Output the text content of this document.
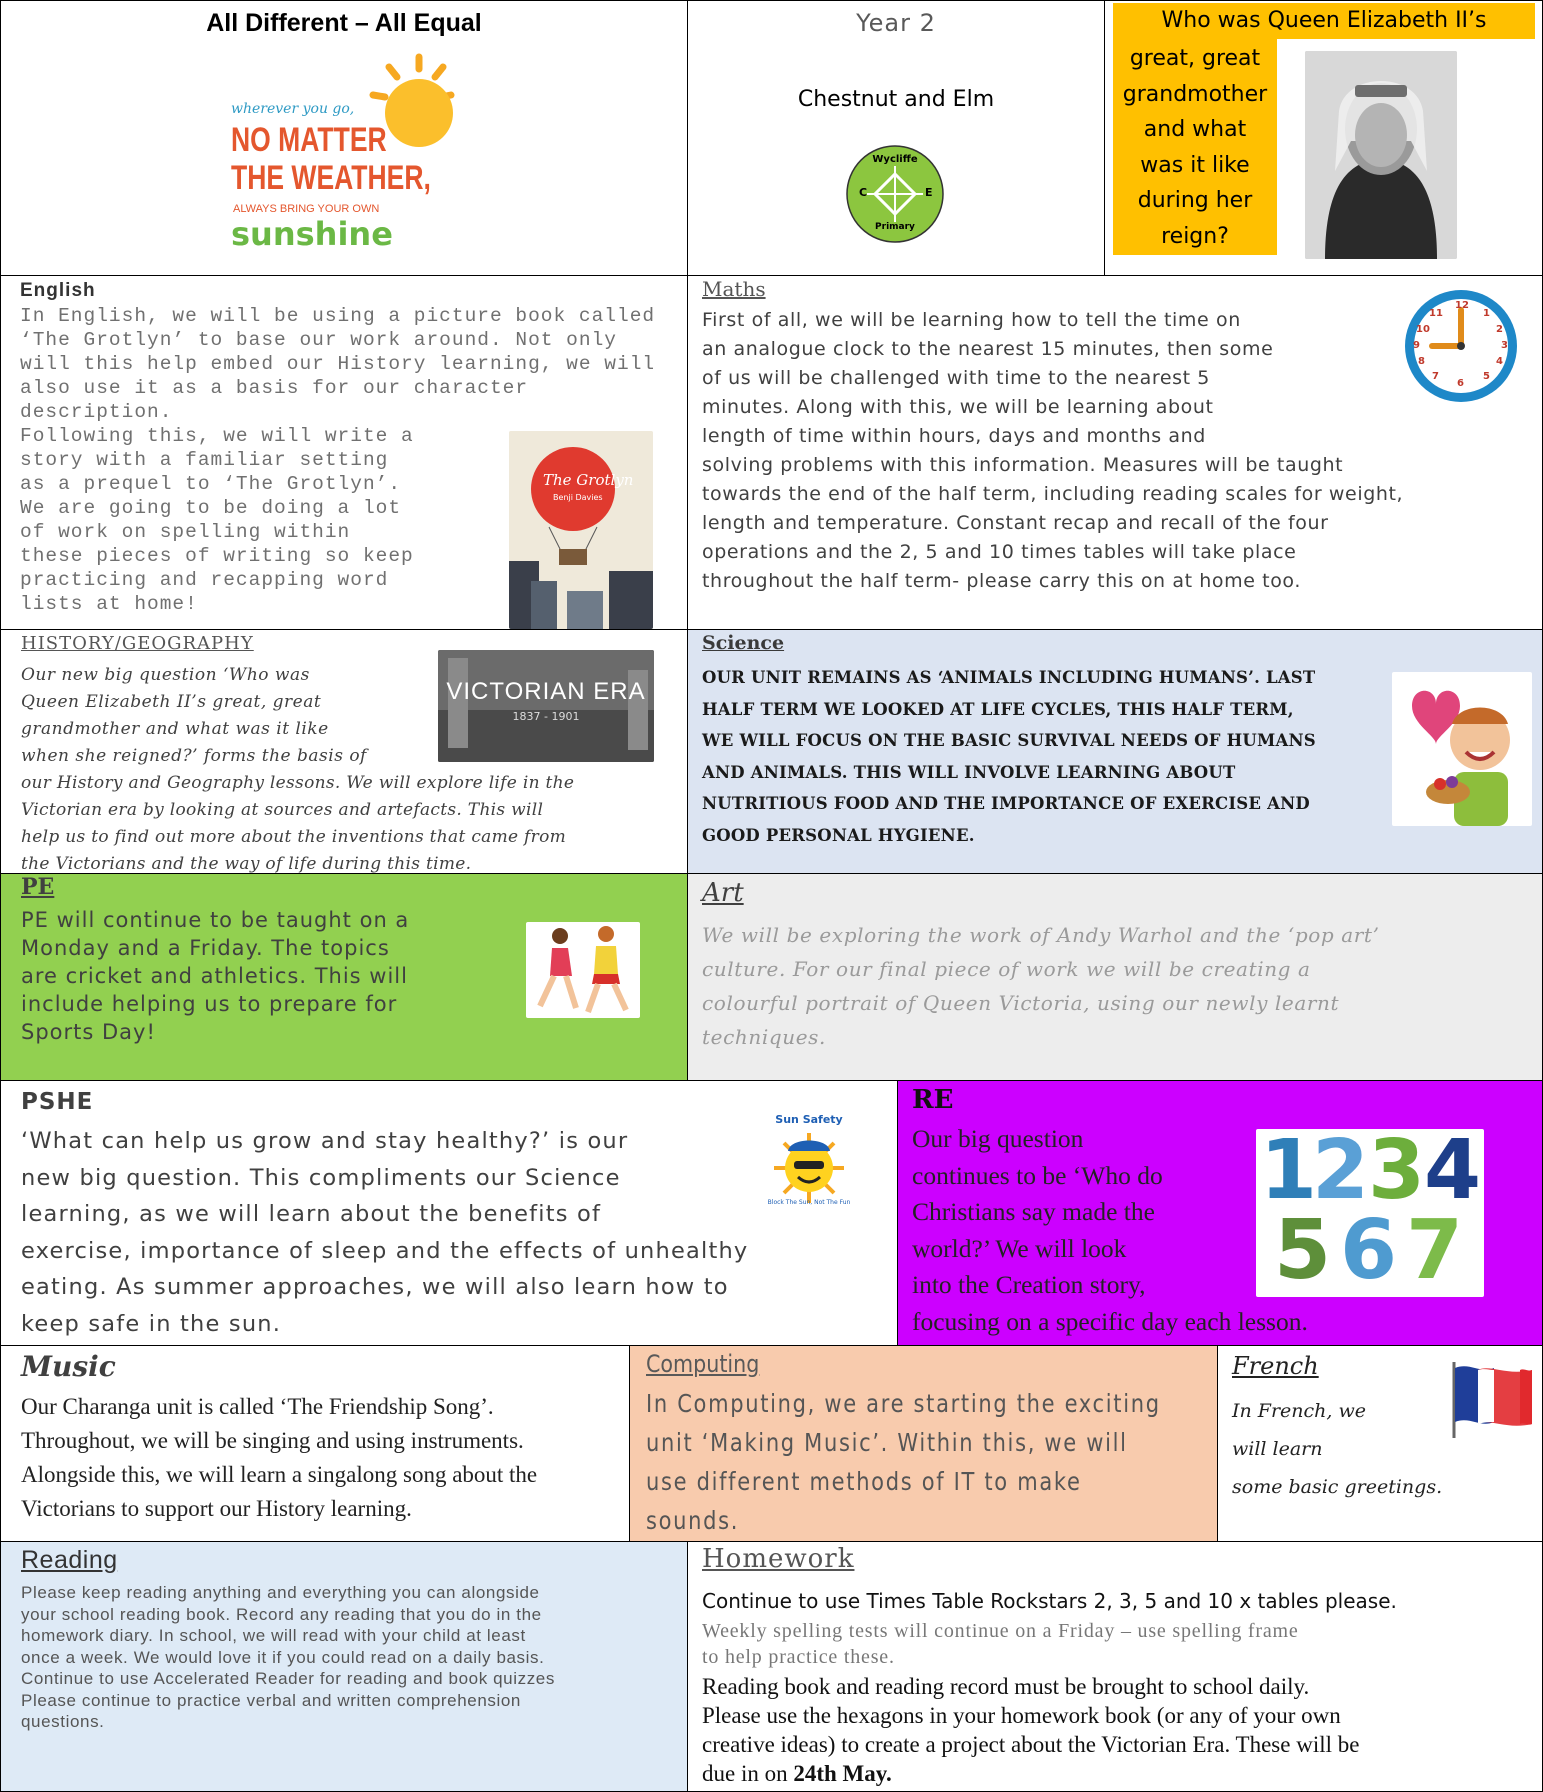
All Different – All Equal
wherever you go,
NO MATTER
THE WEATHER,
ALWAYS BRING YOUR OWN
sunshine
Year 2
Chestnut and Elm
Wycliffe
C	E
Primary
Who was Queen Elizabeth II’s
great, great
grandmother
and what
was it like
during her
reign?
English
In English, we will be using a picture book called ‘The Grotlyn’ to base our work around. Not only will this help embed our History learning, we will also use it as a basis for our character description.
Following this, we will write a
story with a familiar setting
as a prequel to ‘The Grotlyn’.
We are going to be doing a lot
of work on spelling within
these pieces of writing so keep
practicing and recapping word
lists at home!
The Grotlyn
Benji Davies
Maths
First of all, we will be learning how to tell the time on
an analogue clock to the nearest 15 minutes, then some
of us will be challenged with time to the nearest 5
minutes. Along with this, we will be learning about
length of time within hours, days and months and
solving problems with this information. Measures will be taught
towards the end of the half term, including reading scales for weight,
length and temperature. Constant recap and recall of the four
operations and the 2, 5 and 10 times tables will take place
throughout the half term- please carry this on at home too.
12
1
2
3
4
5
6
7
8
9
10
11
HISTORY/GEOGRAPHY
Our new big question ‘Who was
Queen Elizabeth II’s great, great
grandmother and what was it like
when she reigned?’ forms the basis of
our History and Geography lessons. We will explore life in the
Victorian era by looking at sources and artefacts. This will
help us to find out more about the inventions that came from
the Victorians and the way of life during this time.
VICTORIAN ERA
1837 - 1901
Science
OUR UNIT REMAINS AS ‘ANIMALS INCLUDING HUMANS’. LAST
HALF TERM WE LOOKED AT LIFE CYCLES, THIS HALF TERM,
WE WILL FOCUS ON THE BASIC SURVIVAL NEEDS OF HUMANS
AND ANIMALS. THIS WILL INVOLVE LEARNING ABOUT
NUTRITIOUS FOOD AND THE IMPORTANCE OF EXERCISE AND
GOOD PERSONAL HYGIENE.
PE
PE will continue to be taught on a
Monday and a Friday. The topics
are cricket and athletics. This will
include helping us to prepare for
Sports Day!
Art
We will be exploring the work of Andy Warhol and the ‘pop art’
culture. For our final piece of work we will be creating a
colourful portrait of Queen Victoria, using our newly learnt
techniques.
PSHE
‘What can help us grow and stay healthy?’ is our
new big question. This compliments our Science
learning, as we will learn about the benefits of
exercise, importance of sleep and the effects of unhealthy
eating. As summer approaches, we will also learn how to
keep safe in the sun.
Sun Safety
Block The Sun, Not The Fun
RE
Our big question
continues to be ‘Who do
Christians say made the
world?’ We will look
into the Creation story,
focusing on a specific day each lesson.
1
2
3
4
5 6 7
Music
Our Charanga unit is called ‘The Friendship Song’.
Throughout, we will be singing and using instruments.
Alongside this, we will learn a singalong song about the
Victorians to support our History learning.
Computing
In Computing, we are starting the exciting
unit ‘Making Music’. Within this, we will
use different methods of IT to make
sounds.
French
In French, we
will learn
some basic greetings.
Reading
Please keep reading anything and everything you can alongside
your school reading book. Record any reading that you do in the
homework diary. In school, we will read with your child at least
once a week. We would love it if you could read on a daily basis.
Continue to use Accelerated Reader for reading and book quizzes
Please continue to practice verbal and written comprehension
questions.
Homework
Continue to use Times Table Rockstars 2, 3, 5 and 10 x tables please.
Weekly spelling tests will continue on a Friday – use spelling frame
to help practice these.
Reading book and reading record must be brought to school daily.
Please use the hexagons in your homework book (or any of your own
creative ideas) to create a project about the Victorian Era. These will be
due in on 24th May.
